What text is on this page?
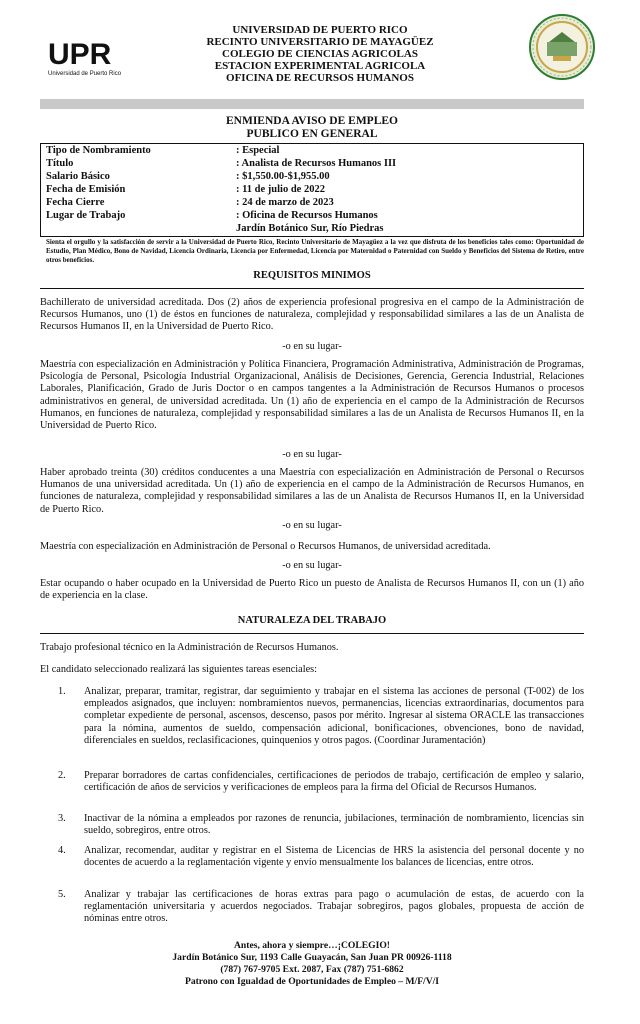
UPR
Universidad de Puerto Rico
UNIVERSIDAD DE PUERTO RICO
RECINTO UNIVERSITARIO DE MAYAGÜEZ
COLEGIO DE CIENCIAS AGRICOLAS
ESTACION EXPERIMENTAL AGRICOLA
OFICINA DE RECURSOS HUMANOS
ENMIENDA AVISO DE EMPLEO
PUBLICO EN GENERAL
Tipo de Nombramiento	: Especial
Título	: Analista de Recursos Humanos III
Salario Básico	: $1,550.00-$1,955.00
Fecha de Emisión	: 11 de julio de 2022
Fecha Cierre	: 24 de marzo de 2023
Lugar de Trabajo	: Oficina de Recursos Humanos
Jardín Botánico Sur, Río Piedras
Sienta el orgullo y la satisfacción de servir a la Universidad de Puerto Rico, Recinto Universitario de Mayagüez a la vez que disfruta de los beneficios tales como: Oportunidad de Estudio, Plan Médico, Bono de Navidad, Licencia Ordinaria, Licencia por Enfermedad, Licencia por Maternidad o Paternidad con Sueldo y Beneficios del Sistema de Retiro, entre otros beneficios.
REQUISITOS MINIMOS
Bachillerato de universidad acreditada. Dos (2) años de experiencia profesional progresiva en el campo de la Administración de Recursos Humanos, uno (1) de éstos en funciones de naturaleza, complejidad y responsabilidad similares a las de un Analista de Recursos Humanos II, en la Universidad de Puerto Rico.
-o en su lugar-
Maestría con especialización en Administración y Política Financiera, Programación Administrativa, Administración de Programas, Psicología de Personal, Psicología Industrial Organizacional, Análisis de Decisiones, Gerencia, Gerencia Industrial, Relaciones Laborales, Planificación, Grado de Juris Doctor o en campos tangentes a la Administración de Recursos Humanos o procesos administrativos en general, de universidad acreditada. Un (1) año de experiencia en el campo de la Administración de Recursos Humanos, en funciones de naturaleza, complejidad y responsabilidad similares a las de un Analista de Recursos Humanos II, en la Universidad de Puerto Rico.
-o en su lugar-
Haber aprobado treinta (30) créditos conducentes a una Maestría con especialización en Administración de Personal o Recursos Humanos de una universidad acreditada. Un (1) año de experiencia en el campo de la Administración de Recursos Humanos, en funciones de naturaleza, complejidad y responsabilidad similares a las de un Analista de Recursos Humanos II, en la Universidad de Puerto Rico.
-o en su lugar-
Maestría con especialización en Administración de Personal o Recursos Humanos, de universidad acreditada.
-o en su lugar-
Estar ocupando o haber ocupado en la Universidad de Puerto Rico un puesto de Analista de Recursos Humanos II, con un (1) año de experiencia en la clase.
NATURALEZA DEL TRABAJO
Trabajo profesional técnico en la Administración de Recursos Humanos.
El candidato seleccionado realizará las siguientes tareas esenciales:
1.	Analizar, preparar, tramitar, registrar, dar seguimiento y trabajar en el sistema las acciones de personal (T-002) de los empleados asignados, que incluyen: nombramientos nuevos, permanencias, licencias extraordinarias, documentos para completar expediente de personal, ascensos, descenso, pasos por mérito. Ingresar al sistema ORACLE las transacciones para la nómina, aumentos de sueldo, compensación adicional, bonificaciones, obvenciones, bono de navidad, diferenciales en sueldos, reclasificaciones, quinquenios y otros pagos. (Coordinar Juramentación)
2.	Preparar borradores de cartas confidenciales, certificaciones de periodos de trabajo, certificación de empleo y salario, certificación de años de servicios y verificaciones de empleos para la firma del Oficial de Recursos Humanos.
3.	Inactivar de la nómina a empleados por razones de renuncia, jubilaciones, terminación de nombramiento, licencias sin sueldo, sobregiros, entre otros.
4.	Analizar, recomendar, auditar y registrar en el Sistema de Licencias de HRS la asistencia del personal docente y no docentes de acuerdo a la reglamentación vigente y envío mensualmente los balances de licencias, entre otros.
5.	Analizar y trabajar las certificaciones de horas extras para pago o acumulación de estas, de acuerdo con la reglamentación universitaria y acuerdos negociados. Trabajar sobregiros, pagos globales, propuesta de acción de nóminas entre otros.
Antes, ahora y siempre…¡COLEGIO!
Jardín Botánico Sur, 1193 Calle Guayacán, San Juan PR 00926-1118
(787) 767-9705 Ext. 2087, Fax (787) 751-6862
Patrono con Igualdad de Oportunidades de Empleo – M/F/V/I
